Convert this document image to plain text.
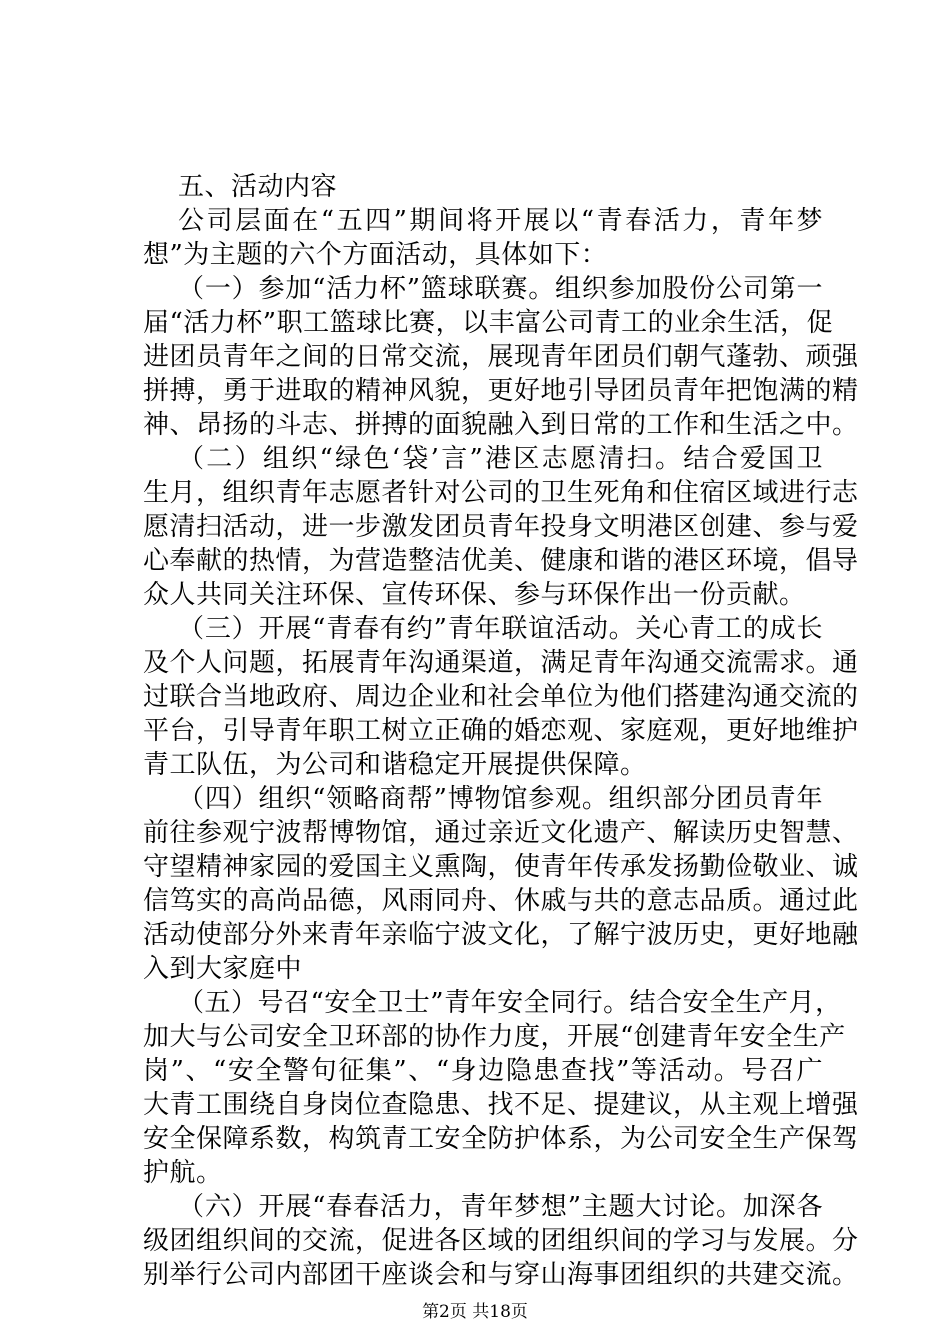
五、活动内容
公司层面在“五四”期间将开展以“青春活力，青年梦
想”为主题的六个方面活动，具体如下：
（一）参加“活力杯”篮球联赛。组织参加股份公司第一
届“活力杯”职工篮球比赛，以丰富公司青工的业余生活，促
进团员青年之间的日常交流，展现青年团员们朝气蓬勃、顽强
拼搏，勇于进取的精神风貌，更好地引导团员青年把饱满的精
神、昂扬的斗志、拼搏的面貌融入到日常的工作和生活之中。
（二）组织“绿色‘袋’言”港区志愿清扫。结合爱国卫
生月，组织青年志愿者针对公司的卫生死角和住宿区域进行志
愿清扫活动，进一步激发团员青年投身文明港区创建、参与爱
心奉献的热情，为营造整洁优美、健康和谐的港区环境，倡导
众人共同关注环保、宣传环保、参与环保作出一份贡献。
（三）开展“青春有约”青年联谊活动。关心青工的成长
及个人问题，拓展青年沟通渠道，满足青年沟通交流需求。通
过联合当地政府、周边企业和社会单位为他们搭建沟通交流的
平台，引导青年职工树立正确的婚恋观、家庭观，更好地维护
青工队伍，为公司和谐稳定开展提供保障。
（四）组织“领略商帮”博物馆参观。组织部分团员青年
前往参观宁波帮博物馆，通过亲近文化遗产、解读历史智慧、
守望精神家园的爱国主义熏陶，使青年传承发扬勤俭敬业、诚
信笃实的高尚品德，风雨同舟、休戚与共的意志品质。通过此
活动使部分外来青年亲临宁波文化，了解宁波历史，更好地融
入到大家庭中
（五）号召“安全卫士”青年安全同行。结合安全生产月，
加大与公司安全卫环部的协作力度，开展“创建青年安全生产
岗”、“安全警句征集”、“身边隐患查找”等活动。号召广
大青工围绕自身岗位查隐患、找不足、提建议，从主观上增强
安全保障系数，构筑青工安全防护体系，为公司安全生产保驾
护航。
（六）开展“春春活力，青年梦想”主题大讨论。加深各
级团组织间的交流，促进各区域的团组织间的学习与发展。分
别举行公司内部团干座谈会和与穿山海事团组织的共建交流。
第2页 共18页
